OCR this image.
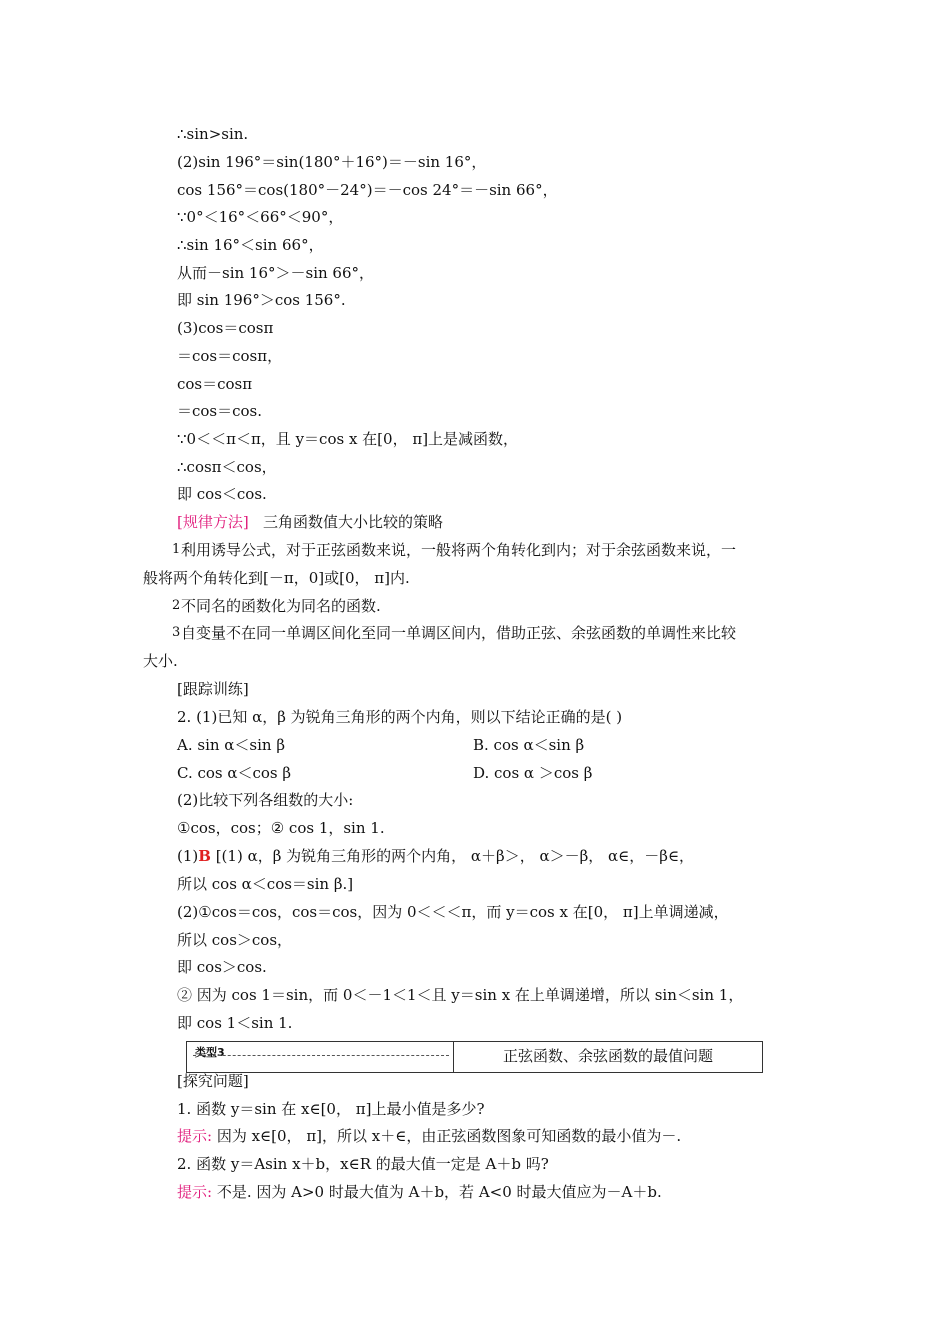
∴sin>sin.
(2)sin 196°＝sin(180°＋16°)＝－sin 16°，
cos 156°＝cos(180°－24°)＝－cos 24°＝－sin 66°，
∵0°＜16°＜66°＜90°，
∴sin 16°＜sin 66°，
从而－sin 16°＞－sin 66°，
即 sin 196°＞cos 156°.
(3)cos＝cosπ
＝cos＝cosπ，
cos＝cosπ
＝cos＝cos.
∵0＜＜π＜π，且 y＝cos x 在[0， π]上是减函数，
∴cosπ＜cos，
即 cos＜cos.
[规律方法] 三角函数值大小比较的策略
1 利用诱导公式，对于正弦函数来说，一般将两个角转化到内；对于余弦函数来说，一
般将两个角转化到[－π，0]或[0， π]内.
2 不同名的函数化为同名的函数.
3 自变量不在同一单调区间化至同一单调区间内，借助正弦、余弦函数的单调性来比较
大小.
[跟踪训练]
2. (1)已知 α，β 为锐角三角形的两个内角，则以下结论正确的是( )
A. sin α＜sin β	B. cos α＜sin β
C. cos α＜cos β	D. cos α ＞cos β
(2)比较下列各组数的大小:
①cos，cos；② cos 1，sin 1.
(1)B [(1) α，β 为锐角三角形的两个内角， α＋β＞， α＞－β， α∈，－β∈，
所以 cos α＜cos＝sin β.]
(2)①cos＝cos，cos＝cos，因为 0＜＜＜π，而 y＝cos x 在[0， π]上单调递减，
所以 cos＞cos，
即 cos＞cos.
② 因为 cos 1＝sin，而 0＜－1＜1＜且 y＝sin x 在上单调递增，所以 sin＜sin 1，
即 cos 1＜sin 1.
类型3	正弦函数、余弦函数的最值问题
[探究问题]
1. 函数 y＝sin 在 x∈[0， π]上最小值是多少?
提示: 因为 x∈[0， π]，所以 x＋∈，由正弦函数图象可知函数的最小值为－.
2. 函数 y＝Asin x＋b，x∈R 的最大值一定是 A＋b 吗?
提示: 不是. 因为 A>0 时最大值为 A＋b，若 A<0 时最大值应为－A＋b.
